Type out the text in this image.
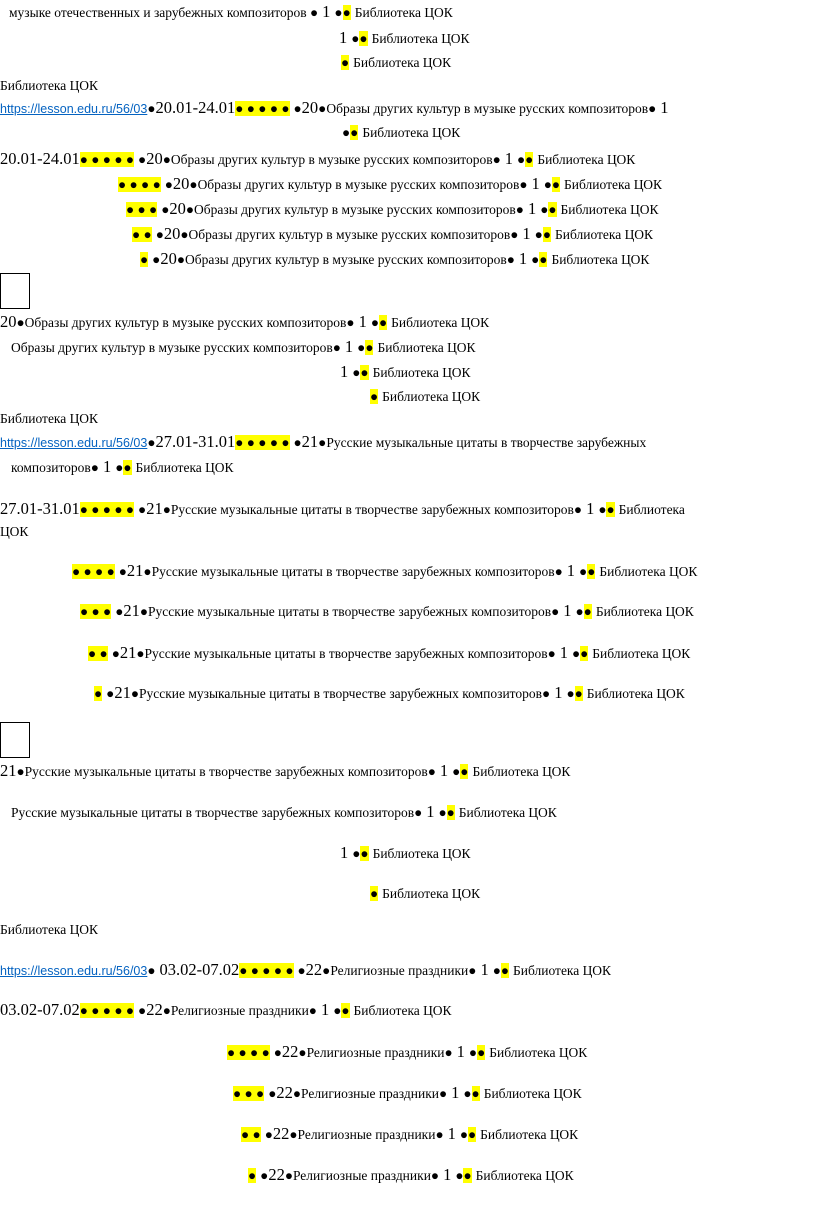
музыке отечественных и зарубежных композиторов ● 1 ●● Библиотека ЦОК
1 ●● Библиотека ЦОК
● Библиотека ЦОК
Библиотека ЦОК
https://lesson.edu.ru/56/03●20.01-24.01● ● ● ● ● ●20●Образы других культур в музыке русских композиторов● 1
●● Библиотека ЦОК
20.01-24.01● ● ● ● ● ●20●Образы других культур в музыке русских композиторов● 1 ●● Библиотека ЦОК
● ● ● ● ●20●Образы других культур в музыке русских композиторов● 1 ●● Библиотека ЦОК
● ● ● ●20●Образы других культур в музыке русских композиторов● 1 ●● Библиотека ЦОК
● ● ●20●Образы других культур в музыке русских композиторов● 1 ●● Библиотека ЦОК
● ●20●Образы других культур в музыке русских композиторов● 1 ●● Библиотека ЦОК
20●Образы других культур в музыке русских композиторов● 1 ●● Библиотека ЦОК
Образы других культур в музыке русских композиторов● 1 ●● Библиотека ЦОК
1 ●● Библиотека ЦОК
● Библиотека ЦОК
Библиотека ЦОК
https://lesson.edu.ru/56/03●27.01-31.01● ● ● ● ● ●21●Русские музыкальные цитаты в творчестве зарубежных
композиторов● 1 ●● Библиотека ЦОК
27.01-31.01● ● ● ● ● ●21●Русские музыкальные цитаты в творчестве зарубежных композиторов● 1 ●● Библиотека
ЦОК
● ● ● ● ●21●Русские музыкальные цитаты в творчестве зарубежных композиторов● 1 ●● Библиотека ЦОК
● ● ● ●21●Русские музыкальные цитаты в творчестве зарубежных композиторов● 1 ●● Библиотека ЦОК
● ● ●21●Русские музыкальные цитаты в творчестве зарубежных композиторов● 1 ●● Библиотека ЦОК
● ●21●Русские музыкальные цитаты в творчестве зарубежных композиторов● 1 ●● Библиотека ЦОК
21●Русские музыкальные цитаты в творчестве зарубежных композиторов● 1 ●● Библиотека ЦОК
Русские музыкальные цитаты в творчестве зарубежных композиторов● 1 ●● Библиотека ЦОК
1 ●● Библиотека ЦОК
● Библиотека ЦОК
Библиотека ЦОК
https://lesson.edu.ru/56/03● 03.02-07.02● ● ● ● ● ●22●Религиозные праздники● 1 ●● Библиотека ЦОК
03.02-07.02● ● ● ● ● ●22●Религиозные праздники● 1 ●● Библиотека ЦОК
● ● ● ● ●22●Религиозные праздники● 1 ●● Библиотека ЦОК
● ● ● ●22●Религиозные праздники● 1 ●● Библиотека ЦОК
● ● ●22●Религиозные праздники● 1 ●● Библиотека ЦОК
● ●22●Религиозные праздники● 1 ●● Библиотека ЦОК
